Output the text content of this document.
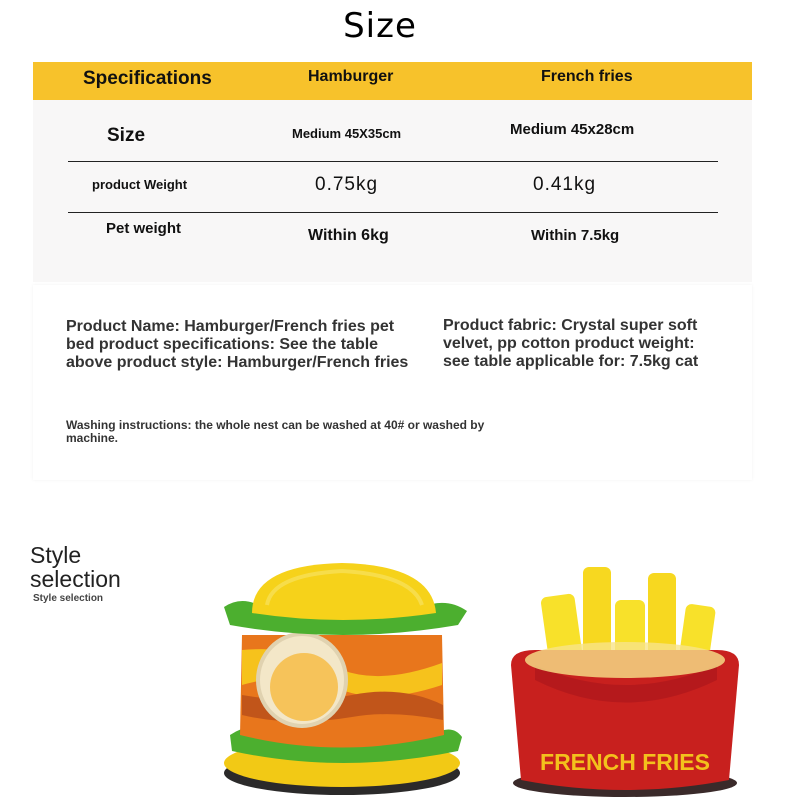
Size
Specifications	Hamburger	French fries
Size	Medium 45X35cm	Medium 45x28cm
product Weight	0.75kg	0.41kg
Pet weight	Within 6kg	Within 7.5kg
Product Name: Hamburger/French fries pet bed product specifications: See the table above product style: Hamburger/French fries
Product fabric: Crystal super soft velvet, pp cotton product weight: see table applicable for: 7.5kg cat
Washing instructions: the whole nest can be washed at 40# or washed by machine.
Style selection
Style selection
FRENCH FRIES
